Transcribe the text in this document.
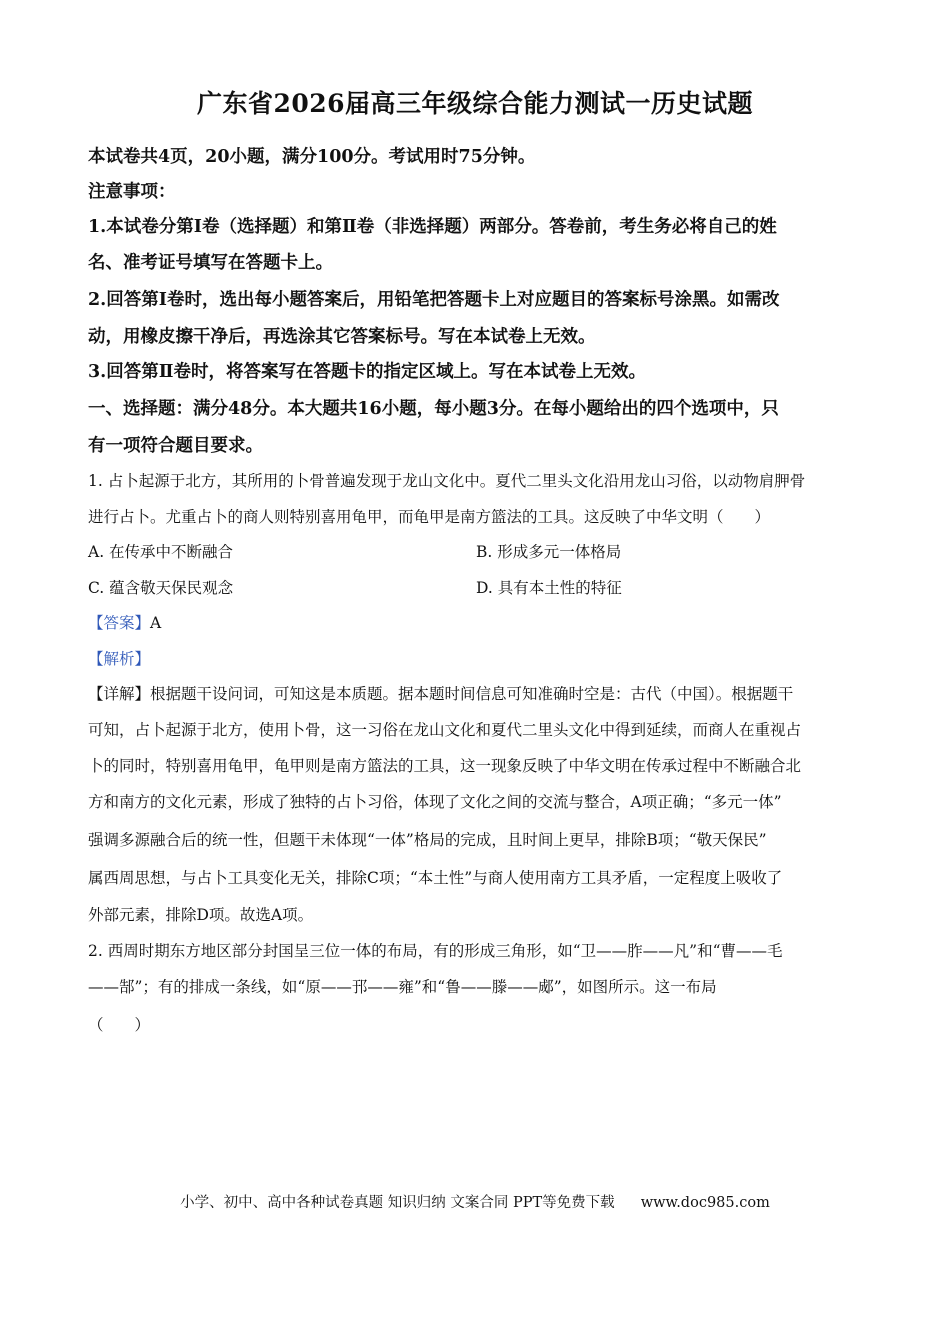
广东省2026届高三年级综合能力测试一历史试题
本试卷共4页，20小题，满分100分。考试用时75分钟。
注意事项：
1.本试卷分第Ⅰ卷（选择题）和第Ⅱ卷（非选择题）两部分。答卷前，考生务必将自己的姓
名、准考证号填写在答题卡上。
2.回答第Ⅰ卷时，选出每小题答案后，用铅笔把答题卡上对应题目的答案标号涂黑。如需改
动，用橡皮擦干净后，再选涂其它答案标号。写在本试卷上无效。
3.回答第Ⅱ卷时，将答案写在答题卡的指定区域上。写在本试卷上无效。
一、选择题：满分48分。本大题共16小题，每小题3分。在每小题给出的四个选项中，只
有一项符合题目要求。
1. 占卜起源于北方，其所用的卜骨普遍发现于龙山文化中。夏代二里头文化沿用龙山习俗，以动物肩胛骨
进行占卜。尤重占卜的商人则特别喜用龟甲，而龟甲是南方篮法的工具。这反映了中华文明（　　）
A. 在传承中不断融合	B. 形成多元一体格局
C. 蕴含敬天保民观念	D. 具有本土性的特征
【答案】A
【解析】
【详解】根据题干设问词，可知这是本质题。据本题时间信息可知准确时空是：古代（中国）。根据题干
可知，占卜起源于北方，使用卜骨，这一习俗在龙山文化和夏代二里头文化中得到延续，而商人在重视占
卜的同时，特别喜用龟甲，龟甲则是南方篮法的工具，这一现象反映了中华文明在传承过程中不断融合北
方和南方的文化元素，形成了独特的占卜习俗，体现了文化之间的交流与整合，A项正确；“多元一体”
强调多源融合后的统一性，但题干未体现“一体”格局的完成，且时间上更早，排除B项；“敬天保民”
属西周思想，与占卜工具变化无关，排除C项；“本土性”与商人使用南方工具矛盾，一定程度上吸收了
外部元素，排除D项。故选A项。
2. 西周时期东方地区部分封国呈三位一体的布局，有的形成三角形，如“卫——胙——凡”和“曹——毛
——郜”；有的排成一条线，如“原——邘——雍”和“鲁——滕——郕”，如图所示。这一布局
（　　）
小学、初中、高中各种试卷真题 知识归纳 文案合同 PPT等免费下载 www.doc985.com
